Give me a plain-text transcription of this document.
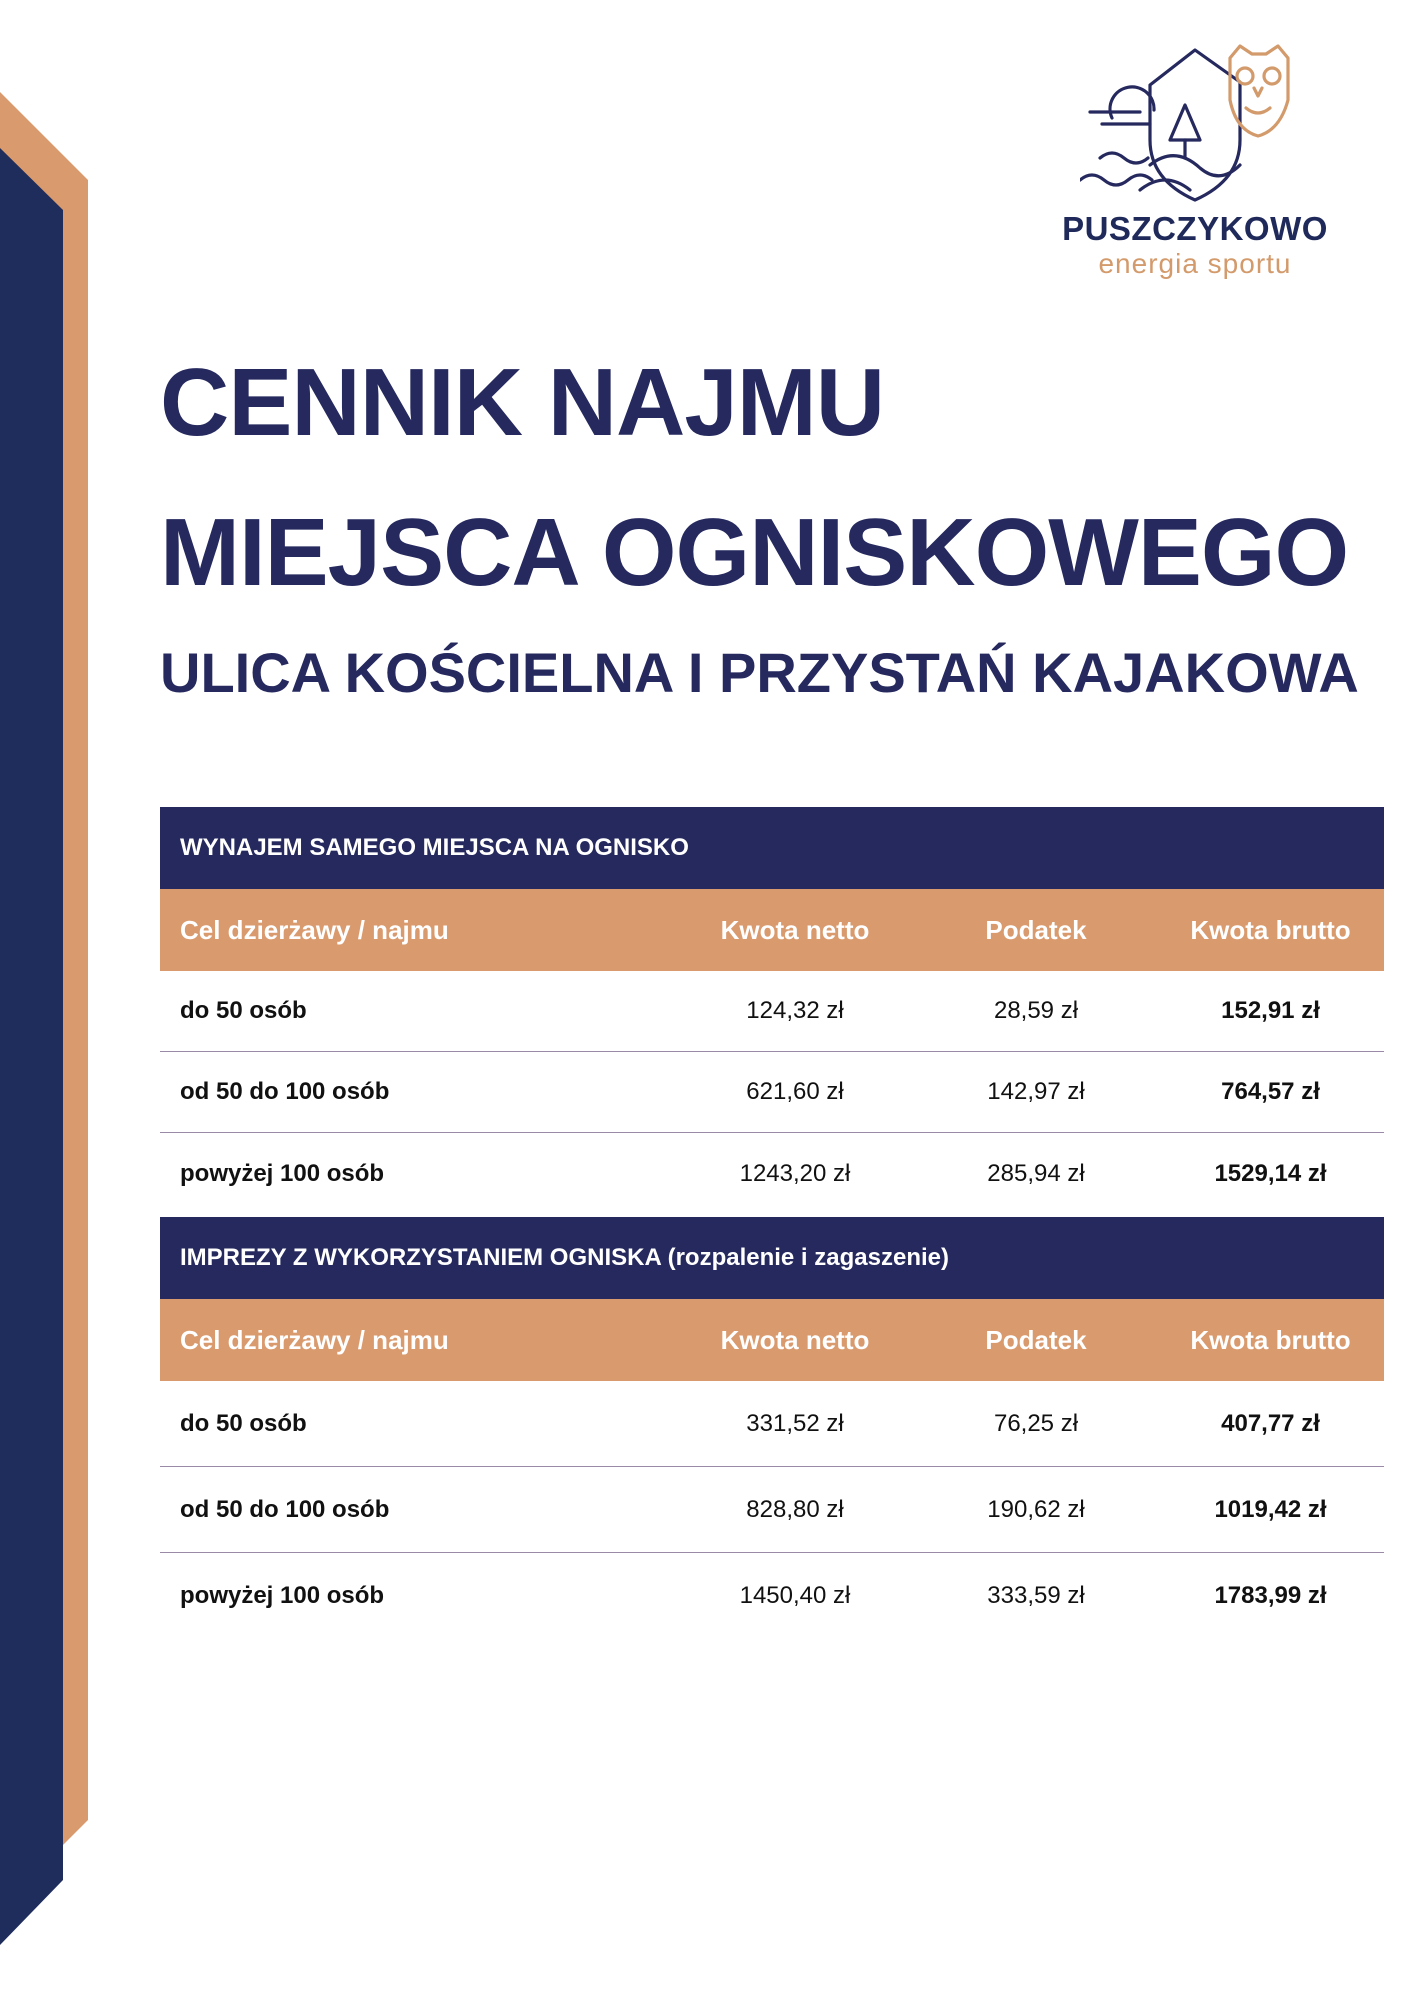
PUSZCZYKOWO
energia sportu
CENNIK NAJMU
MIEJSCA OGNISKOWEGO
ULICA KOŚCIELNA I PRZYSTAŃ KAJAKOWA
WYNAJEM SAMEGO MIEJSCA NA OGNISKO
Cel dzierżawy / najmu	Kwota netto	Podatek	Kwota brutto
do 50 osób	124,32 zł	28,59 zł	152,91 zł
od 50 do 100 osób	621,60 zł	142,97 zł	764,57 zł
powyżej 100 osób	1243,20 zł	285,94 zł	1529,14 zł
IMPREZY Z WYKORZYSTANIEM OGNISKA (rozpalenie i zagaszenie)
Cel dzierżawy / najmu	Kwota netto	Podatek	Kwota brutto
do 50 osób	331,52 zł	76,25 zł	407,77 zł
od 50 do 100 osób	828,80 zł	190,62 zł	1019,42 zł
powyżej 100 osób	1450,40 zł	333,59 zł	1783,99 zł
